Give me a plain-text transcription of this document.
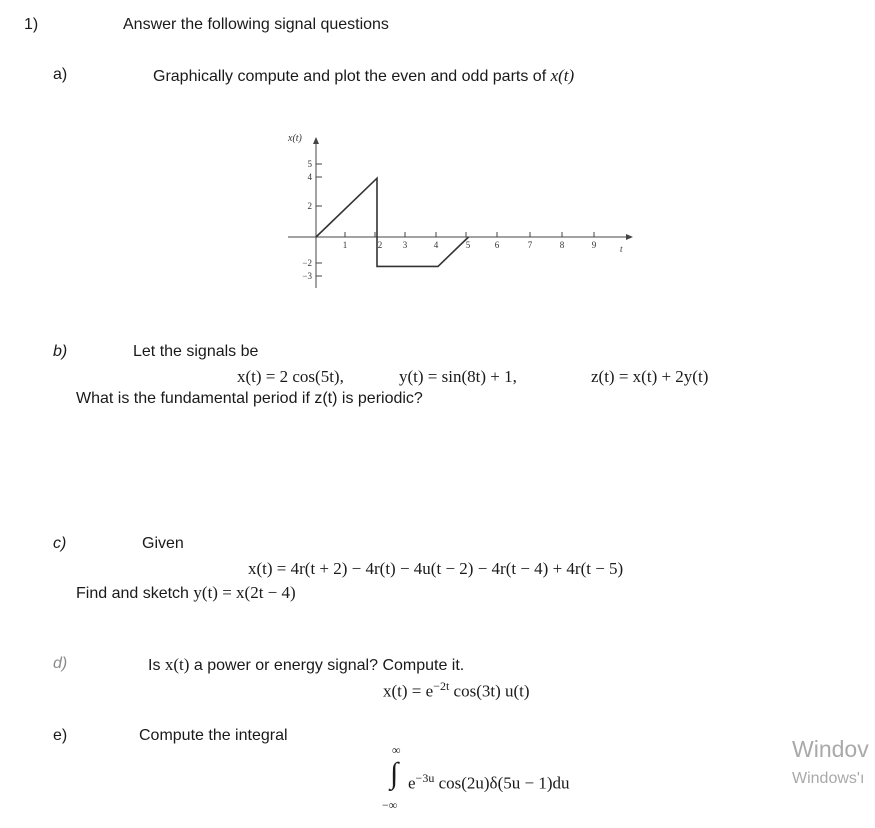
1)	Answer the following signal questions
a)	Graphically compute and plot the even and odd parts of x(t)
x(t)
t
1	2 3	4	5	6	7	8	9
5
4
2
−2
−3
b)	Let the signals be
x(t) = 2 cos(5t),	y(t) = sin(8t) + 1,	z(t) = x(t) + 2y(t)
What is the fundamental period if z(t) is periodic?
c)	Given
x(t) = 4r(t + 2) − 4r(t) − 4u(t − 2) − 4r(t − 4) + 4r(t − 5)
Find and sketch y(t) = x(2t − 4)
d)	Is x(t) a power or energy signal? Compute it.
$x(t) = e^{-2t}$ cos(3t) u(t)
e)	Compute the integral
∞
∫
−∞
$e^{-3u}$ cos(2u)δ(5u − 1)du
Windov
Windows'ı
